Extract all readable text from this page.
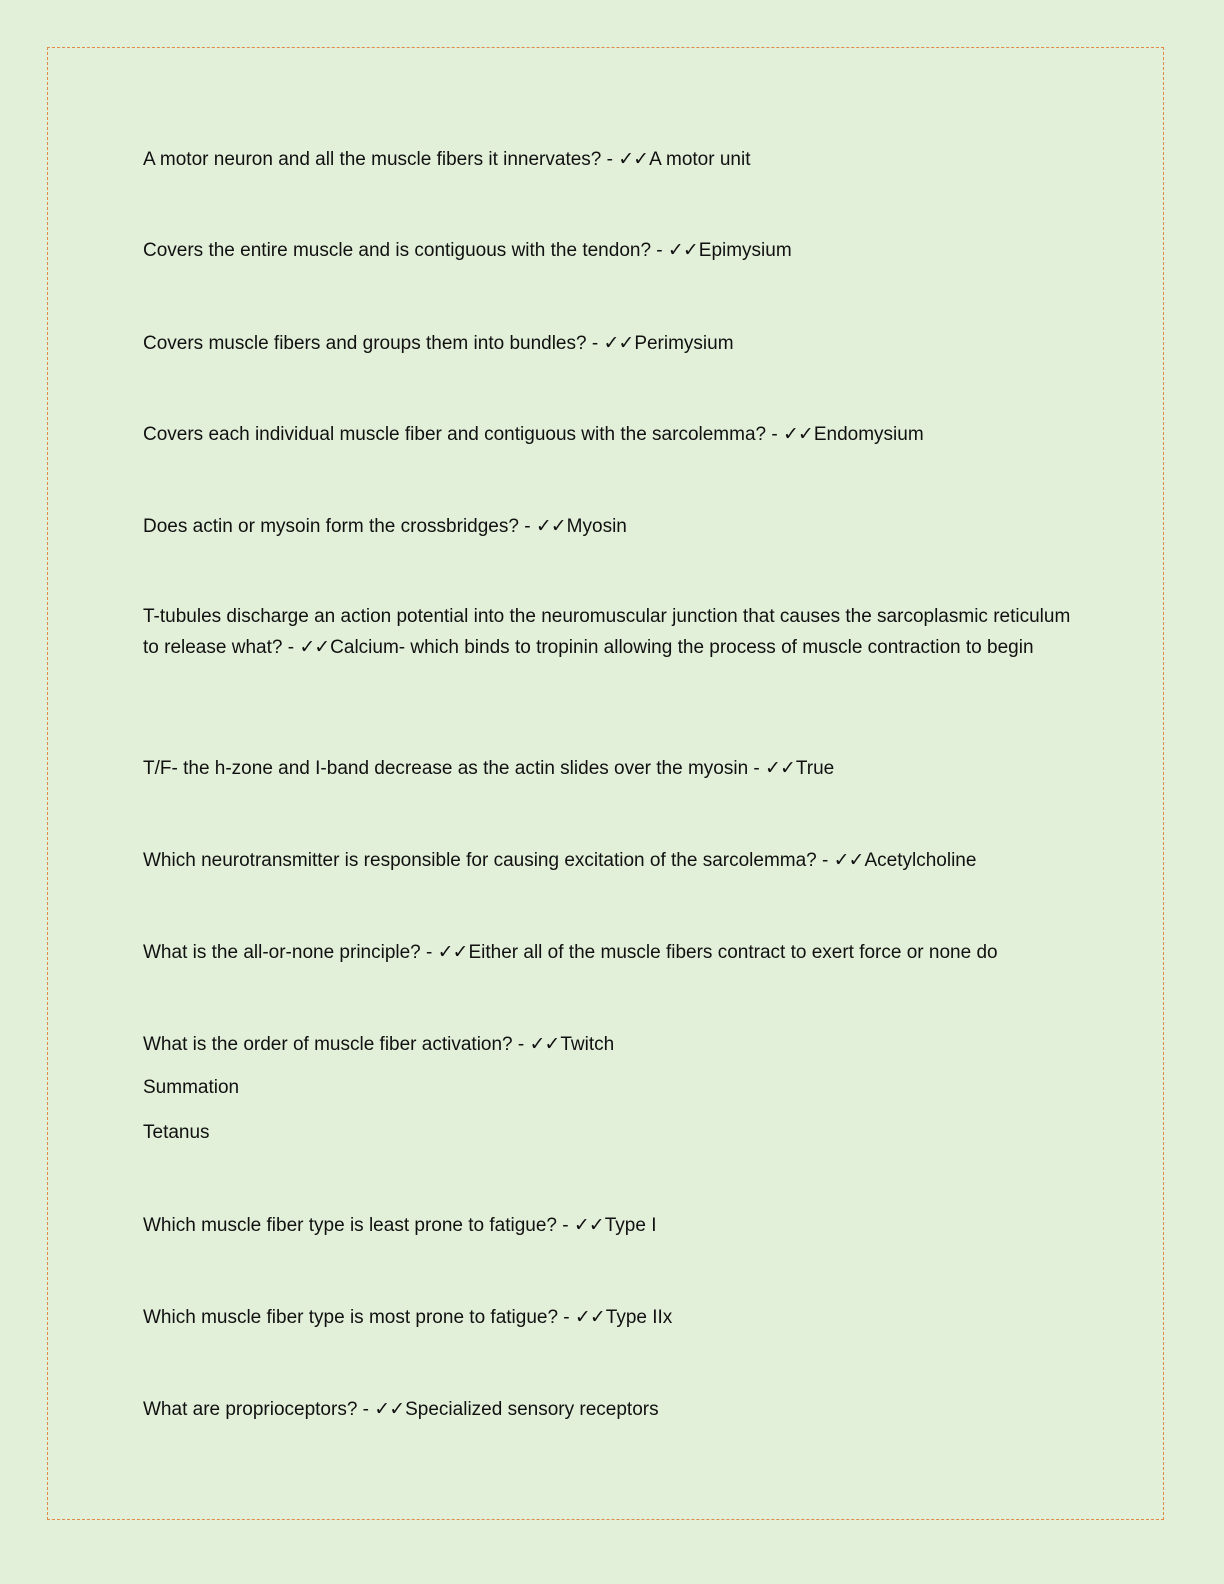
A motor neuron and all the muscle fibers it innervates? - ✓✓A motor unit

Covers the entire muscle and is contiguous with the tendon? - ✓✓Epimysium

Covers muscle fibers and groups them into bundles? - ✓✓Perimysium

Covers each individual muscle fiber and contiguous with the sarcolemma? - ✓✓Endomysium

Does actin or mysoin form the crossbridges? - ✓✓Myosin

T-tubules discharge an action potential into the neuromuscular junction that causes the sarcoplasmic reticulum to release what? - ✓✓Calcium- which binds to tropinin allowing the process of muscle contraction to begin

T/F- the h-zone and I-band decrease as the actin slides over the myosin - ✓✓True

Which neurotransmitter is responsible for causing excitation of the sarcolemma? - ✓✓Acetylcholine

What is the all-or-none principle? - ✓✓Either all of the muscle fibers contract to exert force or none do

What is the order of muscle fiber activation? - ✓✓Twitch

Summation

Tetanus

Which muscle fiber type is least prone to fatigue? - ✓✓Type I

Which muscle fiber type is most prone to fatigue? - ✓✓Type IIx

What are proprioceptors? - ✓✓Specialized sensory receptors
